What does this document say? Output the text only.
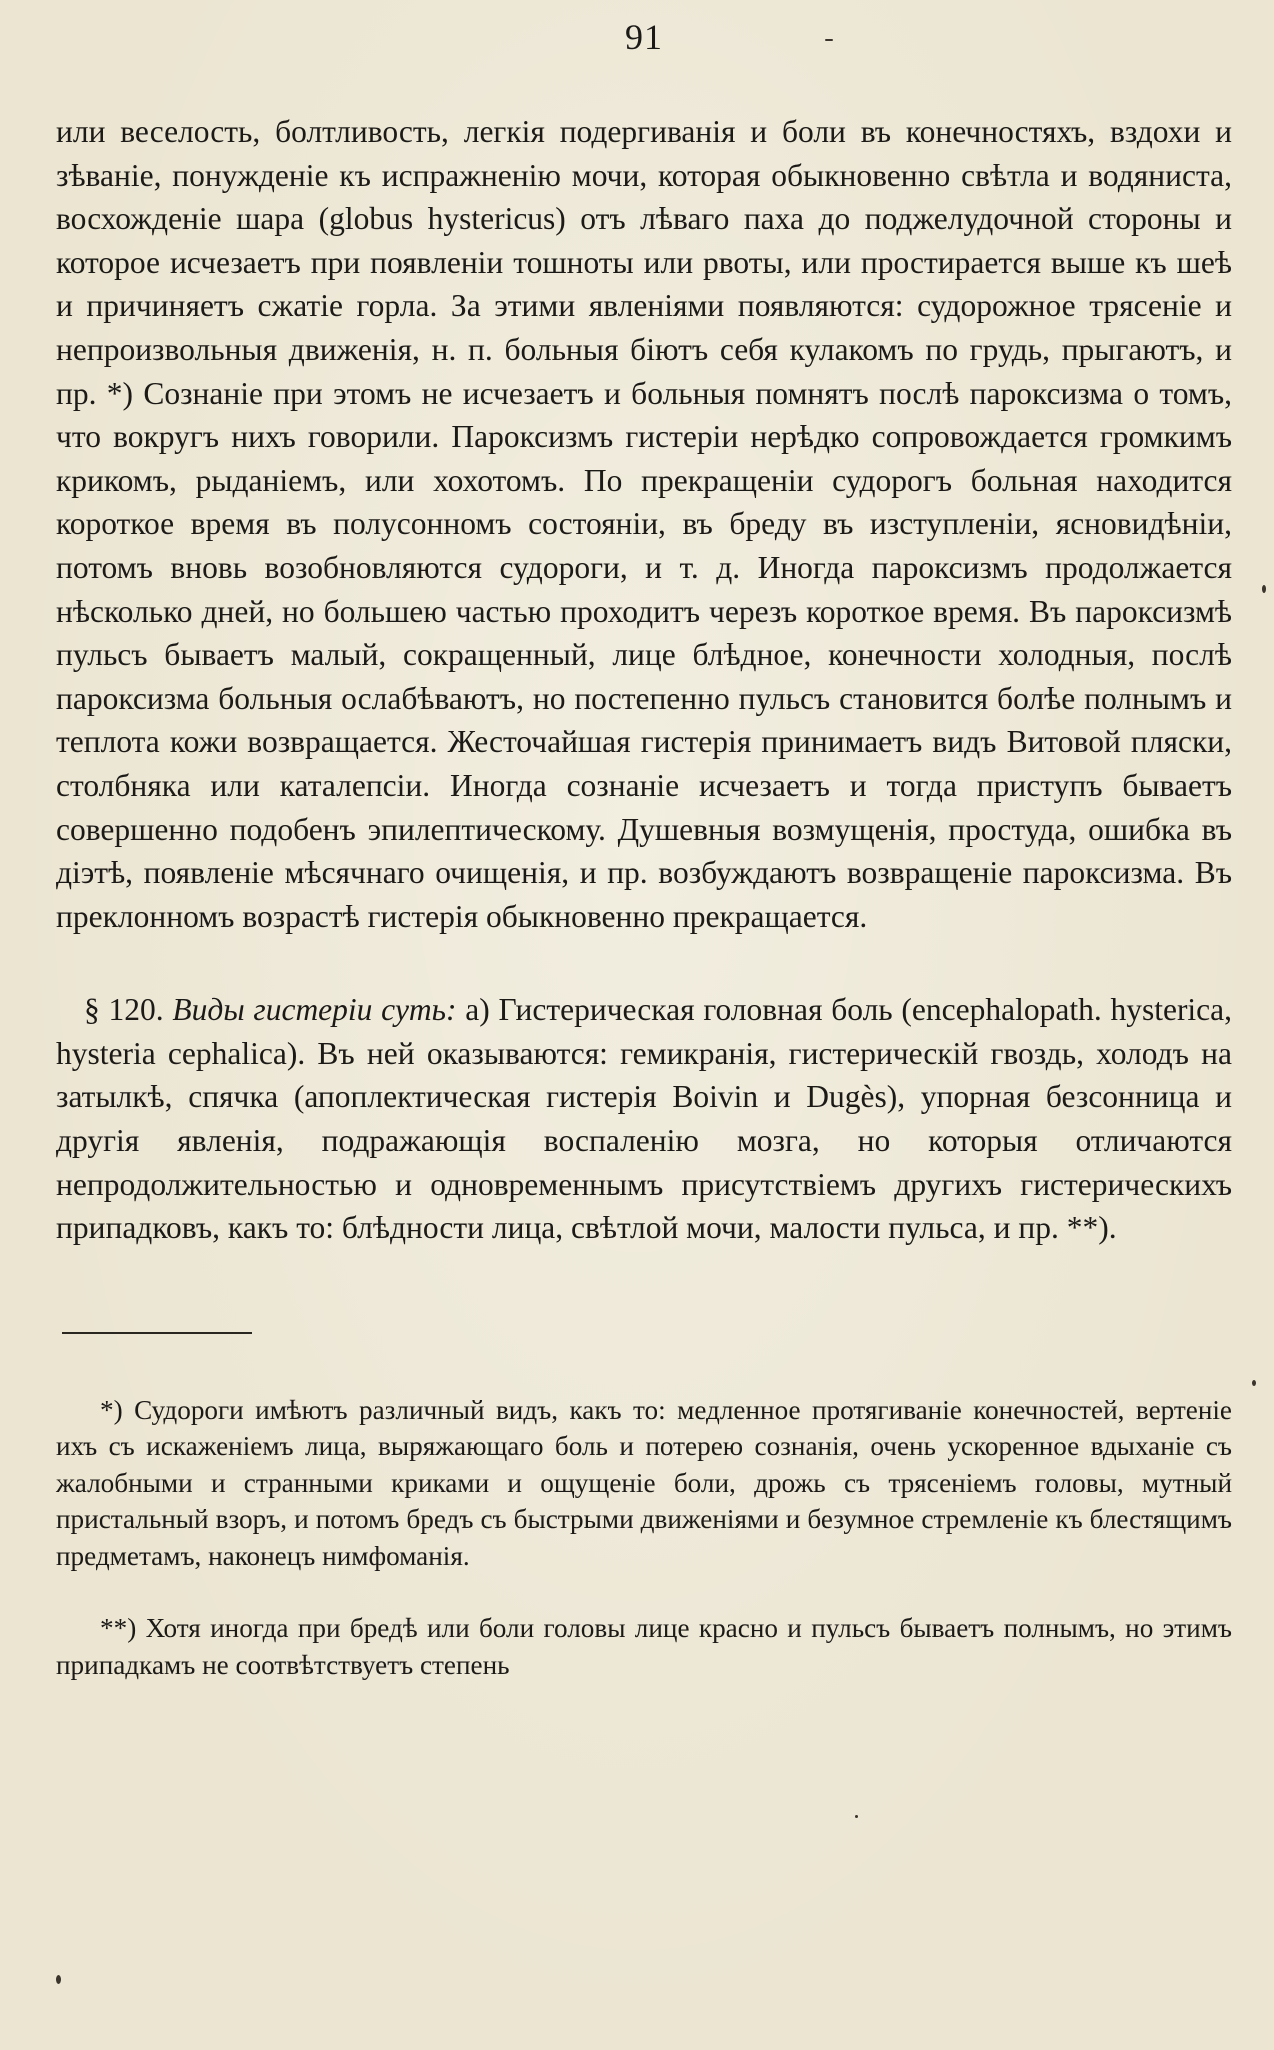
91

или веселость, болтливость, легкія подергиванія и боли въ конечностяхъ, вздохи и зѣваніе, понужденіе къ испражненію мочи, которая обыкновенно свѣтла и водяниста, восхожденіе шара (globus hystericus) отъ лѣваго паха до поджелудочной стороны и которое исчезаетъ при появленіи тошноты или рвоты, или простирается выше къ шеѣ и причиняетъ сжатіе горла. За этими явленіями появляются: судорожное трясеніе и непроизвольныя движенія, н. п. больныя біютъ себя кулакомъ по грудь, прыгаютъ, и пр. *) Сознаніе при этомъ не исчезаетъ и больныя помнятъ послѣ пароксизма о томъ, что вокругъ нихъ говорили. Пароксизмъ гистеріи нерѣдко сопровождается громкимъ крикомъ, рыданіемъ, или хохотомъ. По прекращеніи судорогъ больная находится короткое время въ полусонномъ состояніи, въ бреду въ изступленіи, ясновидѣніи, потомъ вновь возобновляются судороги, и т. д. Иногда пароксизмъ продолжается нѣсколько дней, но большею частью проходитъ черезъ короткое время. Въ пароксизмѣ пульсъ бываетъ малый, сокращенный, лице блѣдное, конечности холодныя, послѣ пароксизма больныя ослабѣваютъ, но постепенно пульсъ становится болѣе полнымъ и теплота кожи возвращается. Жесточайшая гистерія принимаетъ видъ Витовой пляски, столбняка или каталепсіи. Иногда сознаніе исчезаетъ и тогда приступъ бываетъ совершенно подобенъ эпилептическому. Душевныя возмущенія, простуда, ошибка въ діэтѣ, появленіе мѣсячнаго очищенія, и пр. возбуждаютъ возвращеніе пароксизма. Въ преклонномъ возрастѣ гистерія обыкновенно прекращается.

§ 120. Виды гистеріи суть: а) Гистерическая головная боль (encephalopath. hysterica, hysteria cephalica). Въ ней оказываются: гемикранія, гистерическій гвоздь, холодъ на затылкѣ, спячка (апоплектическая гистерія Boivin и Dugès), упорная безсонница и другія явленія, подражающія воспаленію мозга, но которыя отличаются непродолжительностью и одновременнымъ присутствіемъ другихъ гистерическихъ припадковъ, какъ то: блѣдности лица, свѣтлой мочи, малости пульса, и пр. **).

*) Судороги имѣютъ различный видъ, какъ то: медленное протягиваніе конечностей, вертеніе ихъ съ искаженіемъ лица, выряжающаго боль и потерею сознанія, очень ускоренное вдыханіе съ жалобными и странными криками и ощущеніе боли, дрожь съ трясеніемъ головы, мутный пристальный взоръ, и потомъ бредъ съ быстрыми движеніями и безумное стремленіе къ блестящимъ предметамъ, наконецъ нимфоманія.

**) Хотя иногда при бредѣ или боли головы лице красно и пульсъ бываетъ полнымъ, но этимъ припадкамъ не соотвѣтствуетъ степень
